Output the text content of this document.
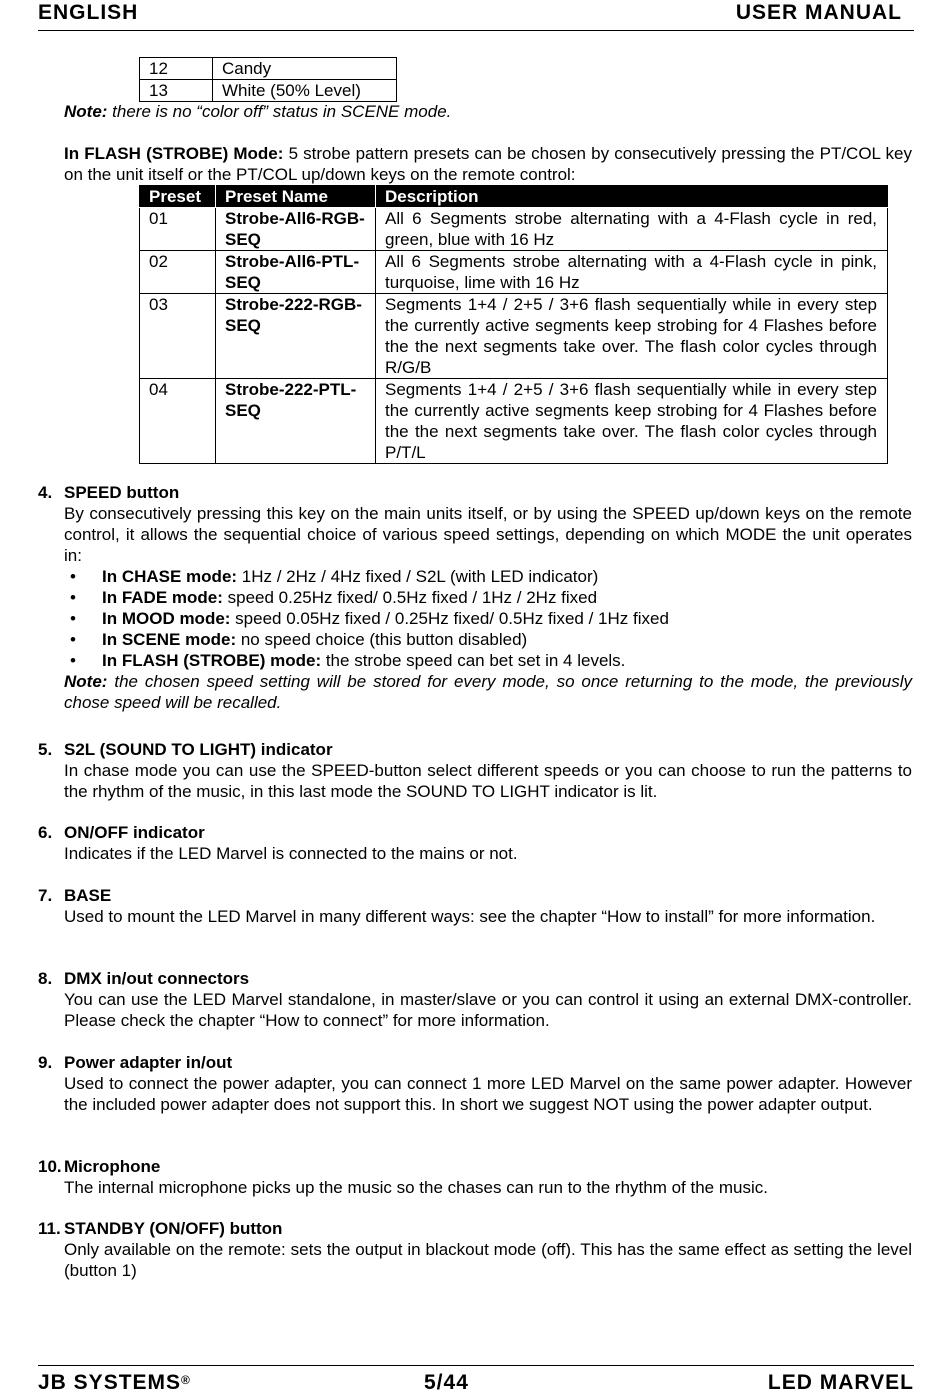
ENGLISH	USER MANUAL
12	Candy
13	White (50% Level)
Note: there is no “color off” status in SCENE mode.
In FLASH (STROBE) Mode: 5 strobe pattern presets can be chosen by consecutively pressing the PT/COL key on the unit itself or the PT/COL up/down keys on the remote control:
Preset	Preset Name	Description
01	Strobe-All6-RGB-SEQ	All 6 Segments strobe alternating with a 4-Flash cycle in red, green, blue with 16 Hz
02	Strobe-All6-PTL-SEQ	All 6 Segments strobe alternating with a 4-Flash cycle in pink, turquoise, lime with 16 Hz
03	Strobe-222-RGB-SEQ	Segments 1+4 / 2+5 / 3+6 flash sequentially while in every step the currently active segments keep strobing for 4 Flashes before the the next segments take over. The flash color cycles through R/G/B
04	Strobe-222-PTL-SEQ	Segments 1+4 / 2+5 / 3+6 flash sequentially while in every step the currently active segments keep strobing for 4 Flashes before the the next segments take over. The flash color cycles through P/T/L
4. SPEED button
By consecutively pressing this key on the main units itself, or by using the SPEED up/down keys on the remote control, it allows the sequential choice of various speed settings, depending on which MODE the unit operates in:
• In CHASE mode: 1Hz / 2Hz / 4Hz fixed / S2L (with LED indicator)
• In FADE mode: speed 0.25Hz fixed/ 0.5Hz fixed / 1Hz / 2Hz fixed
• In MOOD mode: speed 0.05Hz fixed / 0.25Hz fixed/ 0.5Hz fixed / 1Hz fixed
• In SCENE mode: no speed choice (this button disabled)
• In FLASH (STROBE) mode: the strobe speed can bet set in 4 levels.
Note: the chosen speed setting will be stored for every mode, so once returning to the mode, the previously chose speed will be recalled.
5. S2L (SOUND TO LIGHT) indicator
In chase mode you can use the SPEED-button select different speeds or you can choose to run the patterns to the rhythm of the music, in this last mode the SOUND TO LIGHT indicator is lit.
6. ON/OFF indicator
Indicates if the LED Marvel is connected to the mains or not.
7. BASE
Used to mount the LED Marvel in many different ways: see the chapter “How to install” for more information.
8. DMX in/out connectors
You can use the LED Marvel standalone, in master/slave or you can control it using an external DMX-controller. Please check the chapter “How to connect” for more information.
9. Power adapter in/out
Used to connect the power adapter, you can connect 1 more LED Marvel on the same power adapter. However the included power adapter does not support this. In short we suggest NOT using the power adapter output.
10. Microphone
The internal microphone picks up the music so the chases can run to the rhythm of the music.
11. STANDBY (ON/OFF) button
Only available on the remote: sets the output in blackout mode (off). This has the same effect as setting the level (button 1)
JB SYSTEMS®	5/44	LED MARVEL
